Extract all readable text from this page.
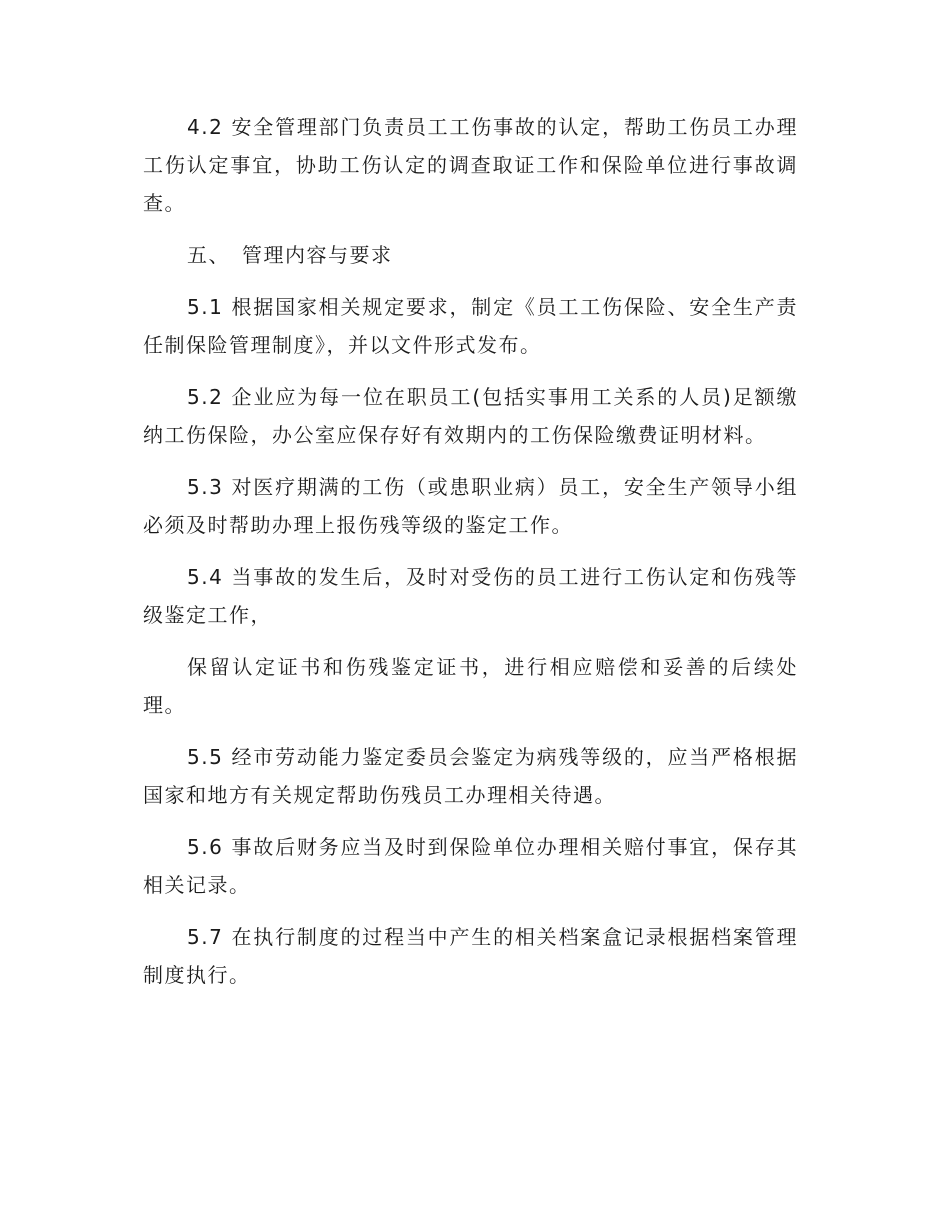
4.2 安全管理部门负责员工工伤事故的认定，帮助工伤员工办理工伤认定事宜，协助工伤认定的调查取证工作和保险单位进行事故调查。

五、 管理内容与要求

5.1 根据国家相关规定要求，制定《员工工伤保险、安全生产责任制保险管理制度》，并以文件形式发布。

5.2 企业应为每一位在职员工(包括实事用工关系的人员)足额缴纳工伤保险，办公室应保存好有效期内的工伤保险缴费证明材料。

5.3 对医疗期满的工伤（或患职业病）员工，安全生产领导小组必须及时帮助办理上报伤残等级的鉴定工作。

5.4 当事故的发生后，及时对受伤的员工进行工伤认定和伤残等级鉴定工作，

保留认定证书和伤残鉴定证书，进行相应赔偿和妥善的后续处理。

5.5 经市劳动能力鉴定委员会鉴定为病残等级的，应当严格根据国家和地方有关规定帮助伤残员工办理相关待遇。

5.6 事故后财务应当及时到保险单位办理相关赔付事宜，保存其相关记录。

5.7 在执行制度的过程当中产生的相关档案盒记录根据档案管理制度执行。
